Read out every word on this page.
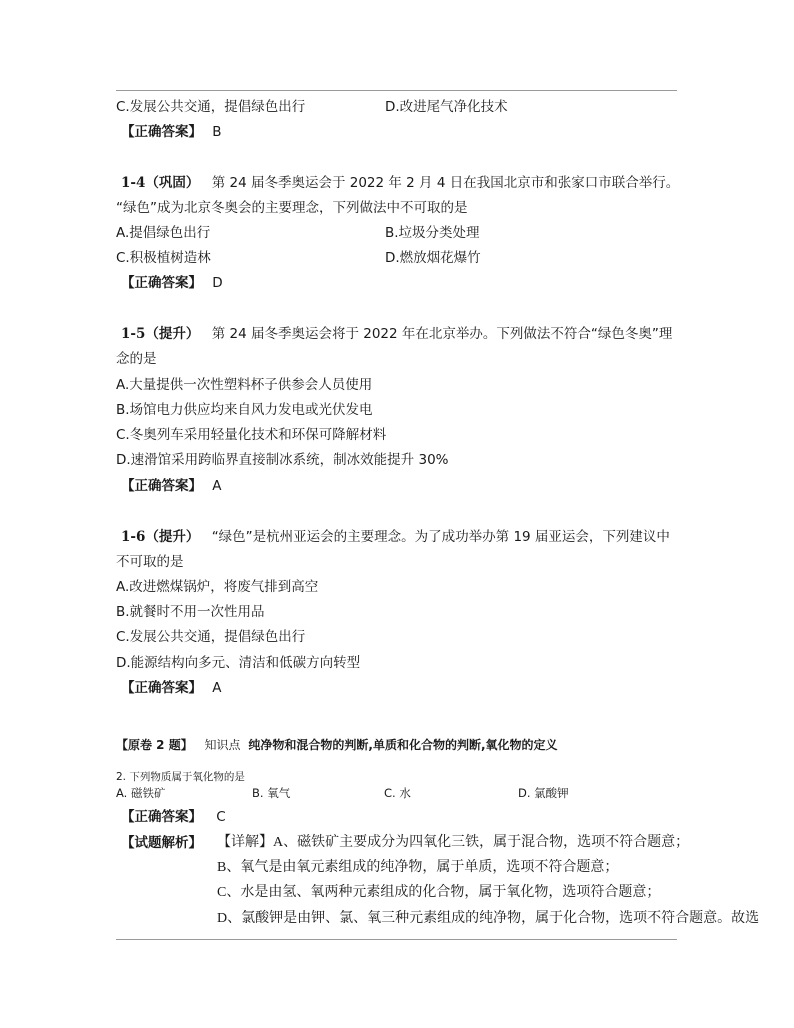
C.发展公共交通，提倡绿色出行	D.改进尾气净化技术
【正确答案】 B
1-4（巩固） 第 24 届冬季奥运会于 2022 年 2 月 4 日在我国北京市和张家口市联合举行。
“绿色”成为北京冬奥会的主要理念，下列做法中不可取的是
A.提倡绿色出行	B.垃圾分类处理
C.积极植树造林	D.燃放烟花爆竹
【正确答案】 D
1-5（提升） 第 24 届冬季奥运会将于 2022 年在北京举办。下列做法不符合“绿色冬奥”理
念的是
A.大量提供一次性塑料杯子供参会人员使用
B.场馆电力供应均来自风力发电或光伏发电
C.冬奥列车采用轻量化技术和环保可降解材料
D.速滑馆采用跨临界直接制冰系统，制冰效能提升 30%
【正确答案】 A
1-6（提升） “绿色”是杭州亚运会的主要理念。为了成功举办第 19 届亚运会，下列建议中
不可取的是
A.改进燃煤锅炉，将废气排到高空
B.就餐时不用一次性用品
C.发展公共交通，提倡绿色出行
D.能源结构向多元、清洁和低碳方向转型
【正确答案】 A
【原卷 2 题】 知识点 纯净物和混合物的判断,单质和化合物的判断,氧化物的定义
2. 下列物质属于氧化物的是
A. 磁铁矿	B. 氧气	C. 水	D. 氯酸钾
【正确答案】 C
【试题解析】 【详解】A、磁铁矿主要成分为四氧化三铁，属于混合物，选项不符合题意；
B、氧气是由氧元素组成的纯净物，属于单质，选项不符合题意；
C、水是由氢、氧两种元素组成的化合物，属于氧化物，选项符合题意；
D、氯酸钾是由钾、氯、氧三种元素组成的纯净物，属于化合物，选项不符合题意。故选
